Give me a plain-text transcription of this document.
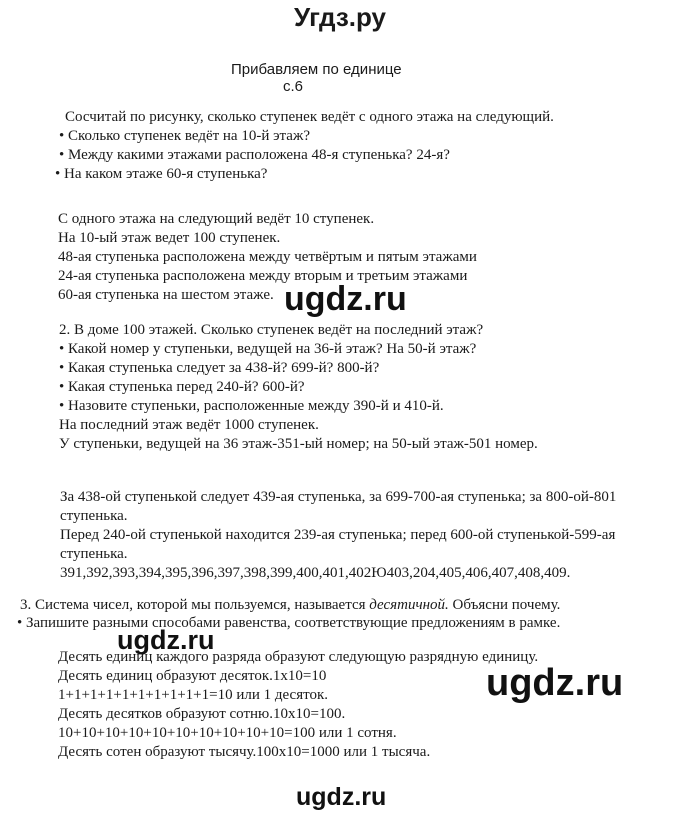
Угдз.ру
Прибавляем по единице
с.6
Сосчитай по рисунку, сколько ступенек ведёт с одного этажа на следующий.
• Сколько ступенек ведёт на 10-й этаж?
• Между какими этажами расположена 48-я ступенька? 24-я?
• На каком этаже 60-я ступенька?
С одного этажа на следующий ведёт 10 ступенек.
На 10-ый этаж ведет 100 ступенек.
48-ая ступенька расположена между четвёртым и пятым этажами
24-ая ступенька расположена между вторым и третьим этажами
60-ая ступенька на шестом этаже.
2. В доме 100 этажей. Сколько ступенек ведёт на последний этаж?
• Какой номер у ступеньки, ведущей на 36-й этаж? На 50-й этаж?
• Какая ступенька следует за 438-й? 699-й? 800-й?
• Какая ступенька перед 240-й? 600-й?
• Назовите ступеньки, расположенные между 390-й и 410-й.
На последний этаж ведёт 1000 ступенек.
У ступеньки, ведущей на 36 этаж-351-ый номер; на 50-ый этаж-501 номер.
За 438-ой ступенькой следует 439-ая ступенька, за 699-700-ая ступенька; за 800-ой-801
ступенька.
Перед 240-ой ступенькой находится 239-ая ступенька; перед 600-ой ступенькой-599-ая
ступенька.
391,392,393,394,395,396,397,398,399,400,401,402Ю403,204,405,406,407,408,409.
3. Система чисел, которой мы пользуемся, называется десятичной. Объясни почему.
• Запишите разными способами равенства, соответствующие предложениям в рамке.
Десять единиц каждого разряда образуют следующую разрядную единицу.
Десять единиц образуют десяток.1x10=10
1+1+1+1+1+1+1+1+1+1=10 или 1 десяток.
Десять десятков образуют сотню.10x10=100.
10+10+10+10+10+10+10+10+10+10=100 или 1 сотня.
Десять сотен образуют тысячу.100x10=1000 или 1 тысяча.
ugdz.ru
ugdz.ru
ugdz.ru
ugdz.ru
